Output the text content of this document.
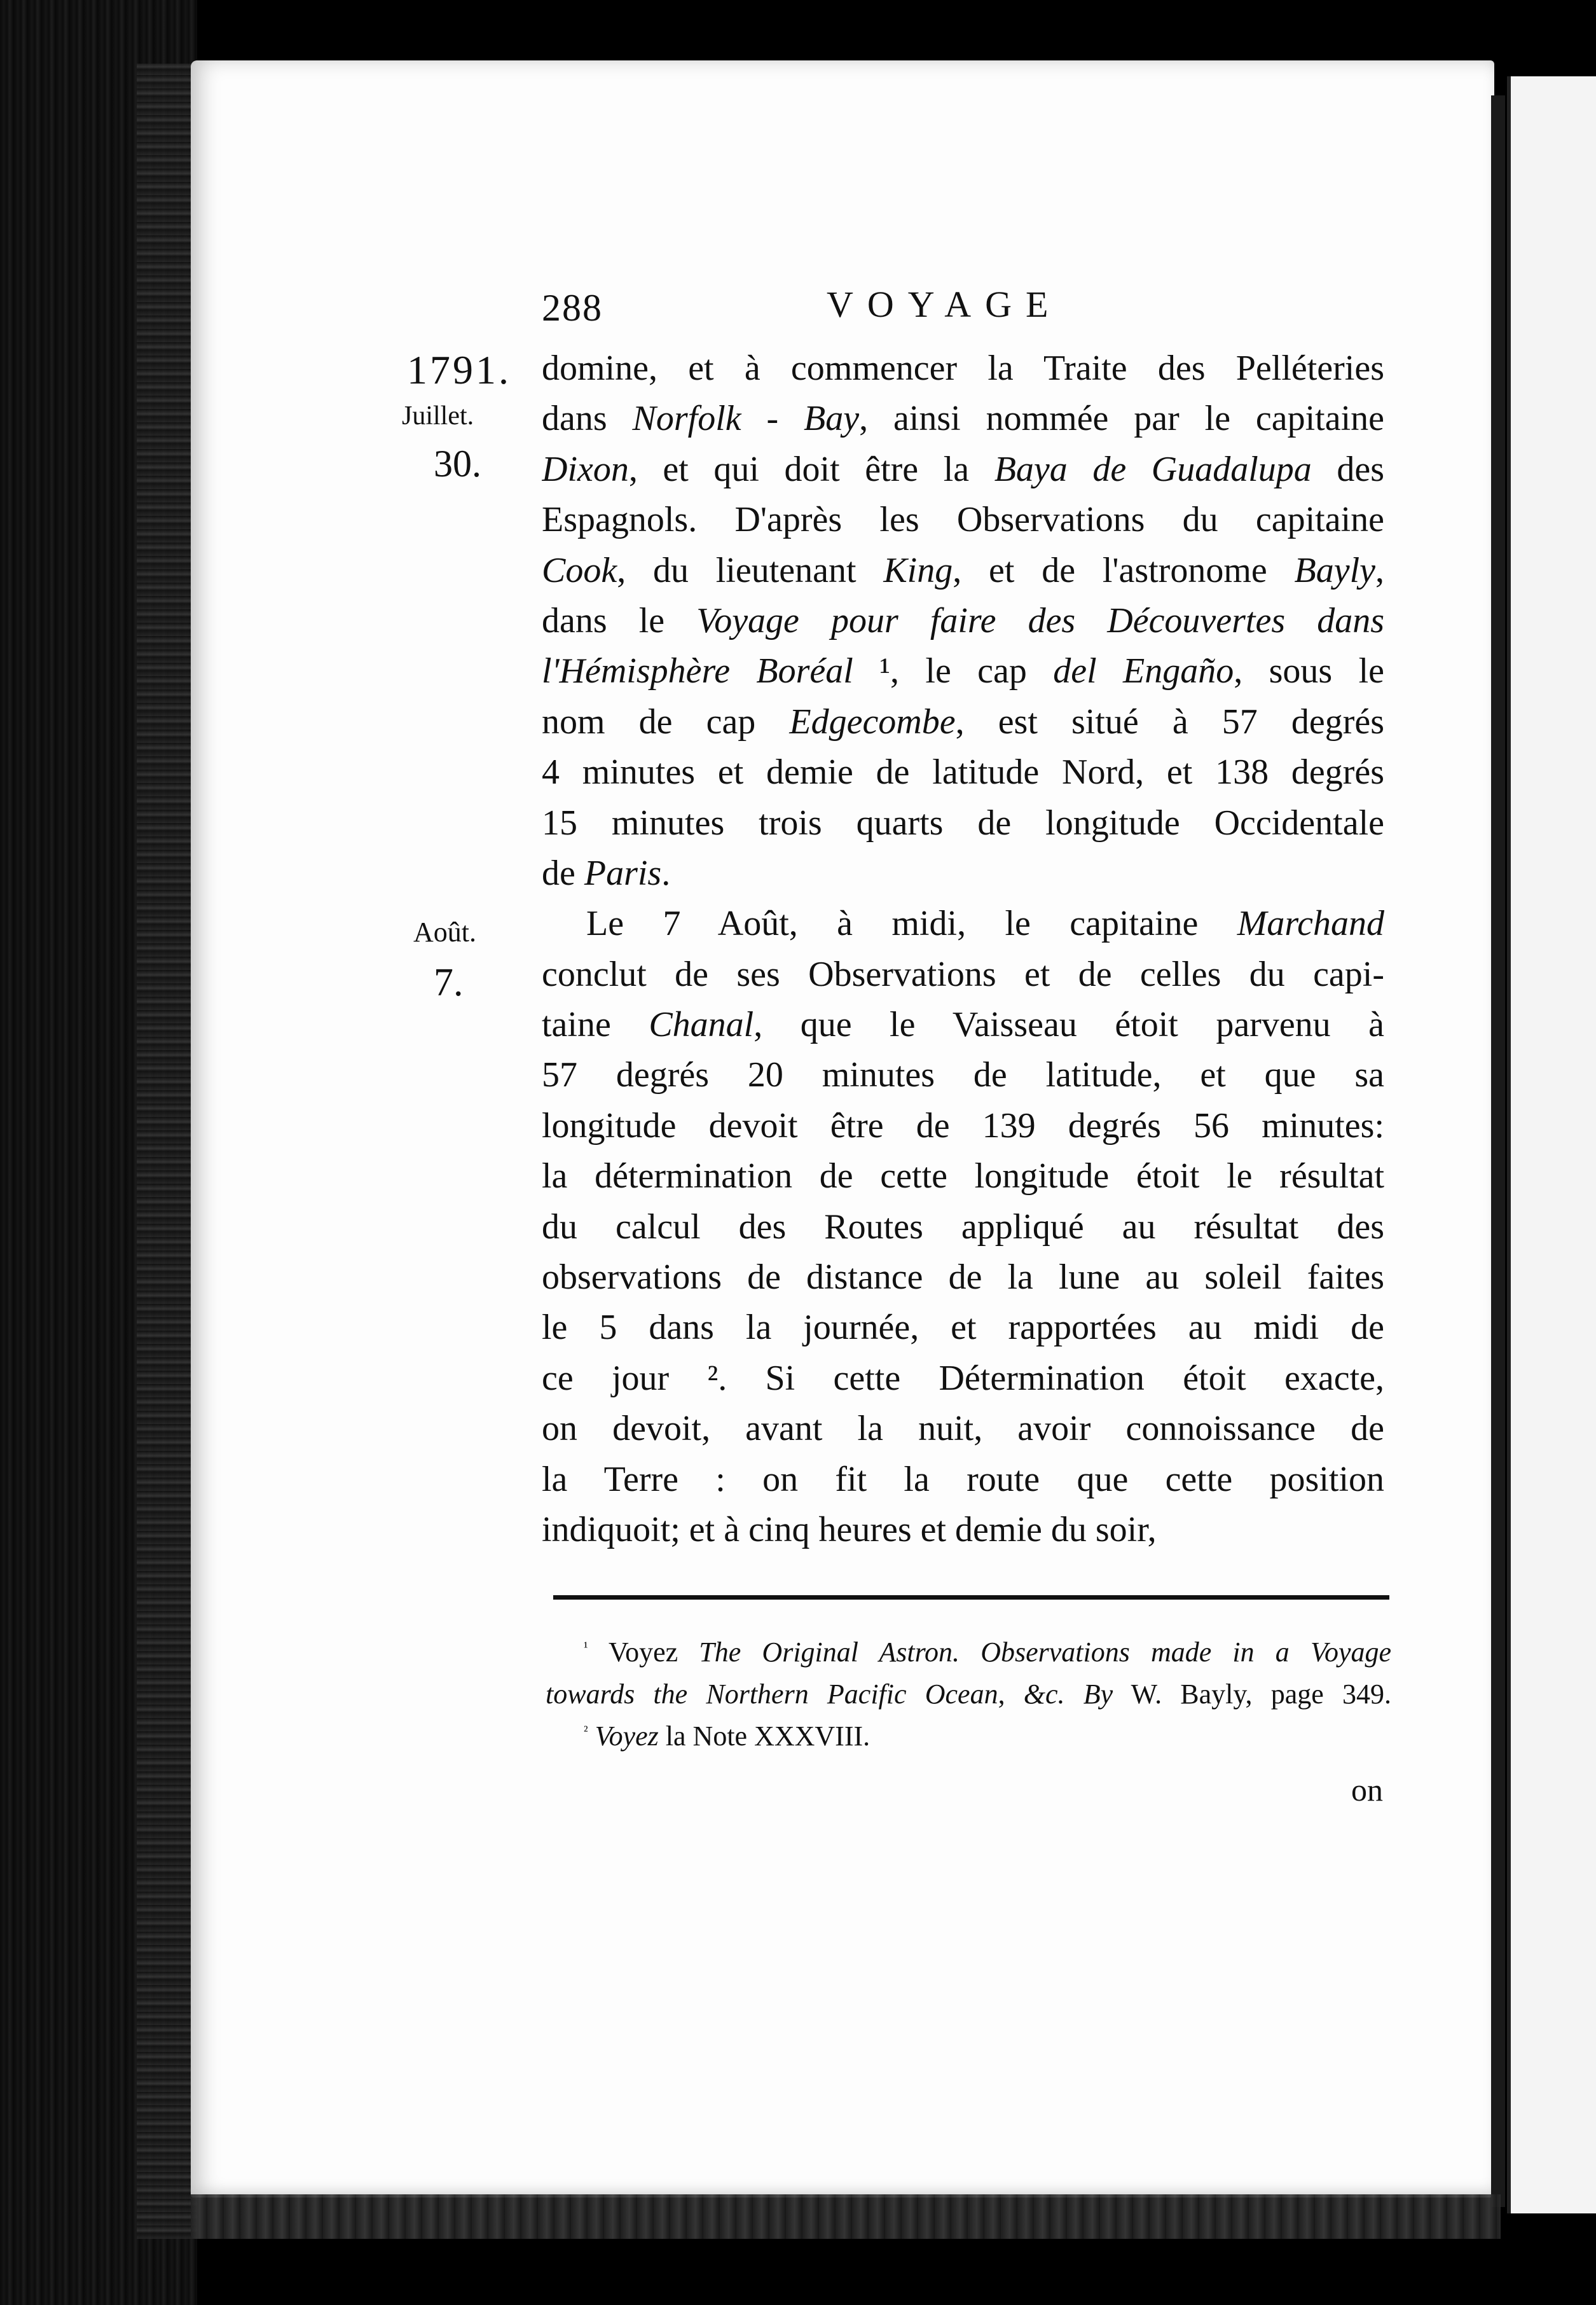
288	VOYAGE
1791.
Juillet.
30.
Août.
7.
domine, et à commencer la Traite des Pelléteries
dans Norfolk - Bay, ainsi nommée par le capitaine
Dixon, et qui doit être la Baya de Guadalupa des
Espagnols. D'après les Observations du capitaine
Cook, du lieutenant King, et de l'astronome Bayly,
dans le Voyage pour faire des Découvertes dans
l'Hémisphère Boréal ¹, le cap del Engaño, sous le
nom de cap Edgecombe, est situé à 57 degrés
4 minutes et demie de latitude Nord, et 138 degrés
15 minutes trois quarts de longitude Occidentale
de Paris.
Le 7 Août, à midi, le capitaine Marchand
conclut de ses Observations et de celles du capi-
taine Chanal, que le Vaisseau étoit parvenu à
57 degrés 20 minutes de latitude, et que sa
longitude devoit être de 139 degrés 56 minutes:
la détermination de cette longitude étoit le résultat
du calcul des Routes appliqué au résultat des
observations de distance de la lune au soleil faites
le 5 dans la journée, et rapportées au midi de
ce jour ². Si cette Détermination étoit exacte,
on devoit, avant la nuit, avoir connoissance de
la Terre : on fit la route que cette position
indiquoit; et à cinq heures et demie du soir,
$^{^1}$ Voyez The Original Astron. Observations made in a Voyage
towards the Northern Pacific Ocean, &c. By W. Bayly, page 349.
$^{^2}$ Voyez la Note XXXVIII.
on
